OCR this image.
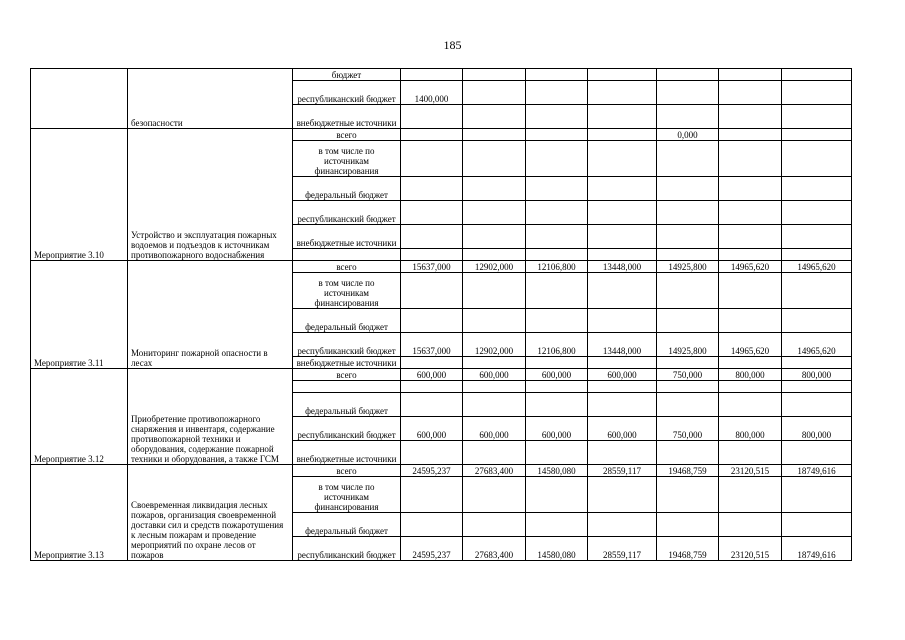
185
	безопасности	бюджет							
		республиканский бюджет	1400,000						
		внебюджетные источники							
Мероприятие 3.10	Устройство и эксплуатация пожарных водоемов и подъездов к источникам противопожарного водоснабжения	всего					0,000		
		в том числе по источникам финансирования							
		федеральный бюджет							
		республиканский бюджет							
		внебюджетные источники							

Мероприятие 3.11	Мониторинг пожарной опасности в лесах	всего	15637,000	12902,000	12106,800	13448,000	14925,800	14965,620	14965,620
		в том числе по источникам финансирования							
		федеральный бюджет							
		республиканский бюджет	15637,000	12902,000	12106,800	13448,000	14925,800	14965,620	14965,620
		внебюджетные источники							
Мероприятие 3.12	Приобретение противопожарного снаряжения и инвентаря, содержание противопожарной техники и оборудования, содержание пожарной техники и оборудования, а также ГСМ	всего	600,000	600,000	600,000	600,000	750,000	800,000	800,000

		федеральный бюджет							
		республиканский бюджет	600,000	600,000	600,000	600,000	750,000	800,000	800,000
		внебюджетные источники							
Мероприятие 3.13	Своевременная ликвидация лесных пожаров, организация своевременной доставки сил и средств пожаротушения к лесным пожарам и проведение мероприятий по охране лесов от пожаров	всего	24595,237	27683,400	14580,080	28559,117	19468,759	23120,515	18749,616
		в том числе по источникам финансирования							
		федеральный бюджет							
		республиканский бюджет	24595,237	27683,400	14580,080	28559,117	19468,759	23120,515	18749,616
